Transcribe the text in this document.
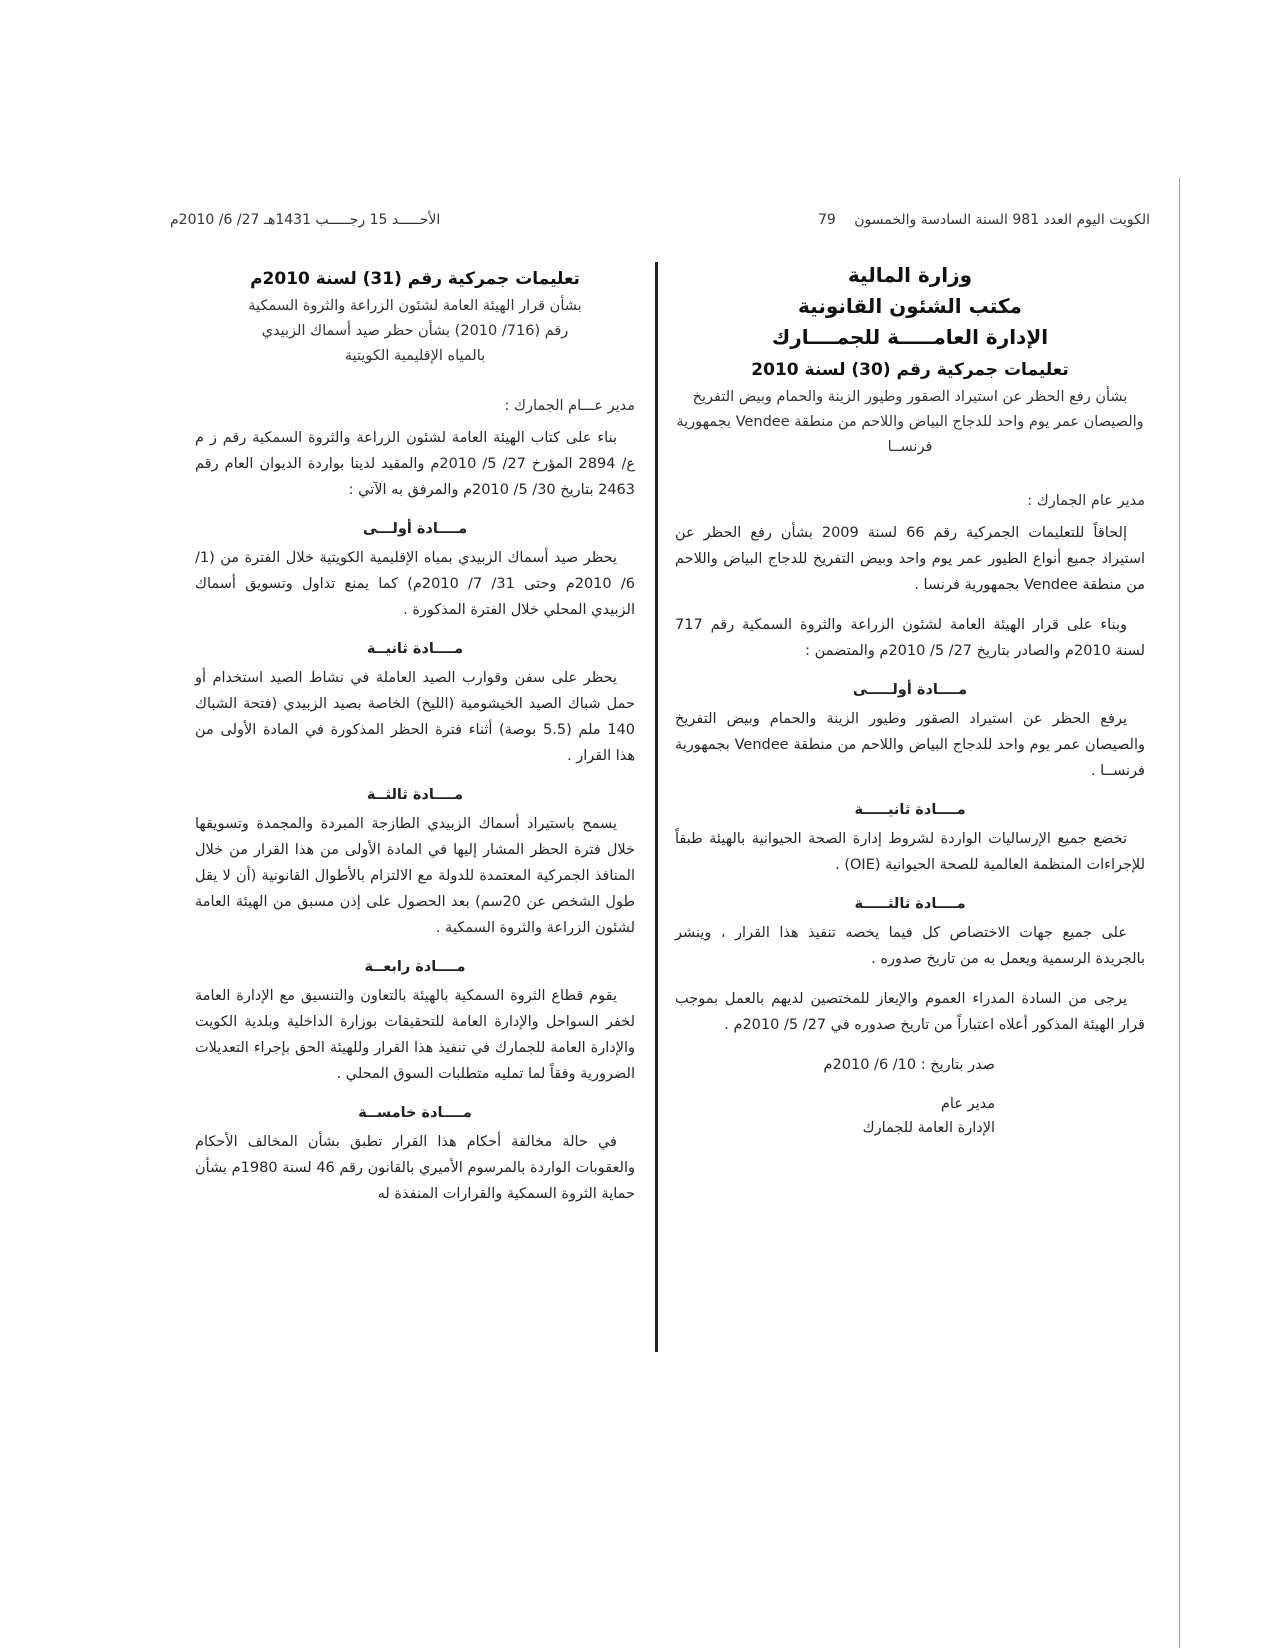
الكويت اليوم العدد 981 السنة السادسة والخمسون 79
الأحـــــد 15 رجـــــب 1431هـ 27/ 6/ 2010م
وزارة المالية
مكتب الشئون القانونية
الإدارة العامـــــة للجمــــارك
تعليمات جمركية رقم (30) لسنة 2010
بشأن رفع الحظر عن استيراد الصقور وطيور الزينة والحمام وبيض التفريخ والصيصان عمر يوم واحد للدجاج البياض واللاحم من منطقة Vendee بجمهورية فرنســا
مدير عام الجمارك :

إلحاقاً للتعليمات الجمركية رقم 66 لسنة 2009 بشأن رفع الحظر عن استيراد جميع أنواع الطيور عمر يوم واحد وبيض التفريخ للدجاج البياض واللاحم من منطقة Vendee بجمهورية فرنسا .

وبناء على قرار الهيئة العامة لشئون الزراعة والثروة السمكية رقم 717 لسنة 2010م والصادر بتاريخ 27/ 5/ 2010م والمتضمن :

مــــادة أولـــــى

يرفع الحظر عن استيراد الصقور وطيور الزينة والحمام وبيض التفريخ والصيصان عمر يوم واحد للدجاج البياض واللاحم من منطقة Vendee بجمهورية فرنســا .

مــــادة ثانيـــــة

تخضع جميع الإرساليات الواردة لشروط إدارة الصحة الحيوانية بالهيئة طبقاً للإجراءات المنظمة العالمية للصحة الحيوانية (OIE) .

مــــادة ثالثـــــة

على جميع جهات الاختصاص كل فيما يخصه تنفيذ هذا القرار ، وينشر بالجريدة الرسمية ويعمل به من تاريخ صدوره .

يرجى من السادة المدراء العموم والإيعاز للمختصين لديهم بالعمل بموجب قرار الهيئة المذكور أعلاه اعتباراً من تاريخ صدوره في 27/ 5/ 2010م .

صدر بتاريخ : 10/ 6/ 2010م
مدير عام
الإدارة العامة للجمارك
تعليمات جمركية رقم (31) لسنة 2010م
بشأن قرار الهيئة العامة لشئون الزراعة والثروة السمكية
رقم (716/ 2010) بشأن حظر صيد أسماك الزبيدي
بالمياه الإقليمية الكويتية
مدير عـــام الجمارك :

بناء على كتاب الهيئة العامة لشئون الزراعة والثروة السمكية رقم ز م ع/ 2894 المؤرخ 27/ 5/ 2010م والمقيد لدينا بواردة الديوان العام رقم 2463 بتاريخ 30/ 5/ 2010م والمرفق به الآتي :

مــــادة أولـــى

يحظر صيد أسماك الزبيدي بمياه الإقليمية الكويتية خلال الفترة من (1/ 6/ 2010م وحتى 31/ 7/ 2010م) كما يمنع تداول وتسويق أسماك الزبيدي المحلي خلال الفترة المذكورة .

مــــادة ثانيــة

يحظر على سفن وقوارب الصيد العاملة في نشاط الصيد استخدام أو حمل شباك الصيد الخيشومية (الليخ) الخاصة بصيد الزبيدي (فتحة الشباك 140 ملم (5.5 بوصة) أثناء فترة الحظر المذكورة في المادة الأولى من هذا القرار .

مــــادة ثالثــة

يسمح باستيراد أسماك الزبيدي الطازجة المبردة والمجمدة وتسويقها خلال فترة الحظر المشار إليها في المادة الأولى من هذا القرار من خلال المنافذ الجمركية المعتمدة للدولة مع الالتزام بالأطوال القانونية (أن لا يقل طول الشخص عن 20سم) بعد الحصول على إذن مسبق من الهيئة العامة لشئون الزراعة والثروة السمكية .

مــــادة رابعــة

يقوم قطاع الثروة السمكية بالهيئة بالتعاون والتنسيق مع الإدارة العامة لخفر السواحل والإدارة العامة للتحقيقات بوزارة الداخلية وبلدية الكويت والإدارة العامة للجمارك في تنفيذ هذا القرار وللهيئة الحق بإجراء التعديلات الضرورية وفقاً لما تمليه متطلبات السوق المحلي .

مــــادة خامســة

في حالة مخالفة أحكام هذا القرار تطبق بشأن المخالف الأحكام والعقوبات الواردة بالمرسوم الأميري بالقانون رقم 46 لسنة 1980م بشأن حماية الثروة السمكية والقرارات المنفذة له
